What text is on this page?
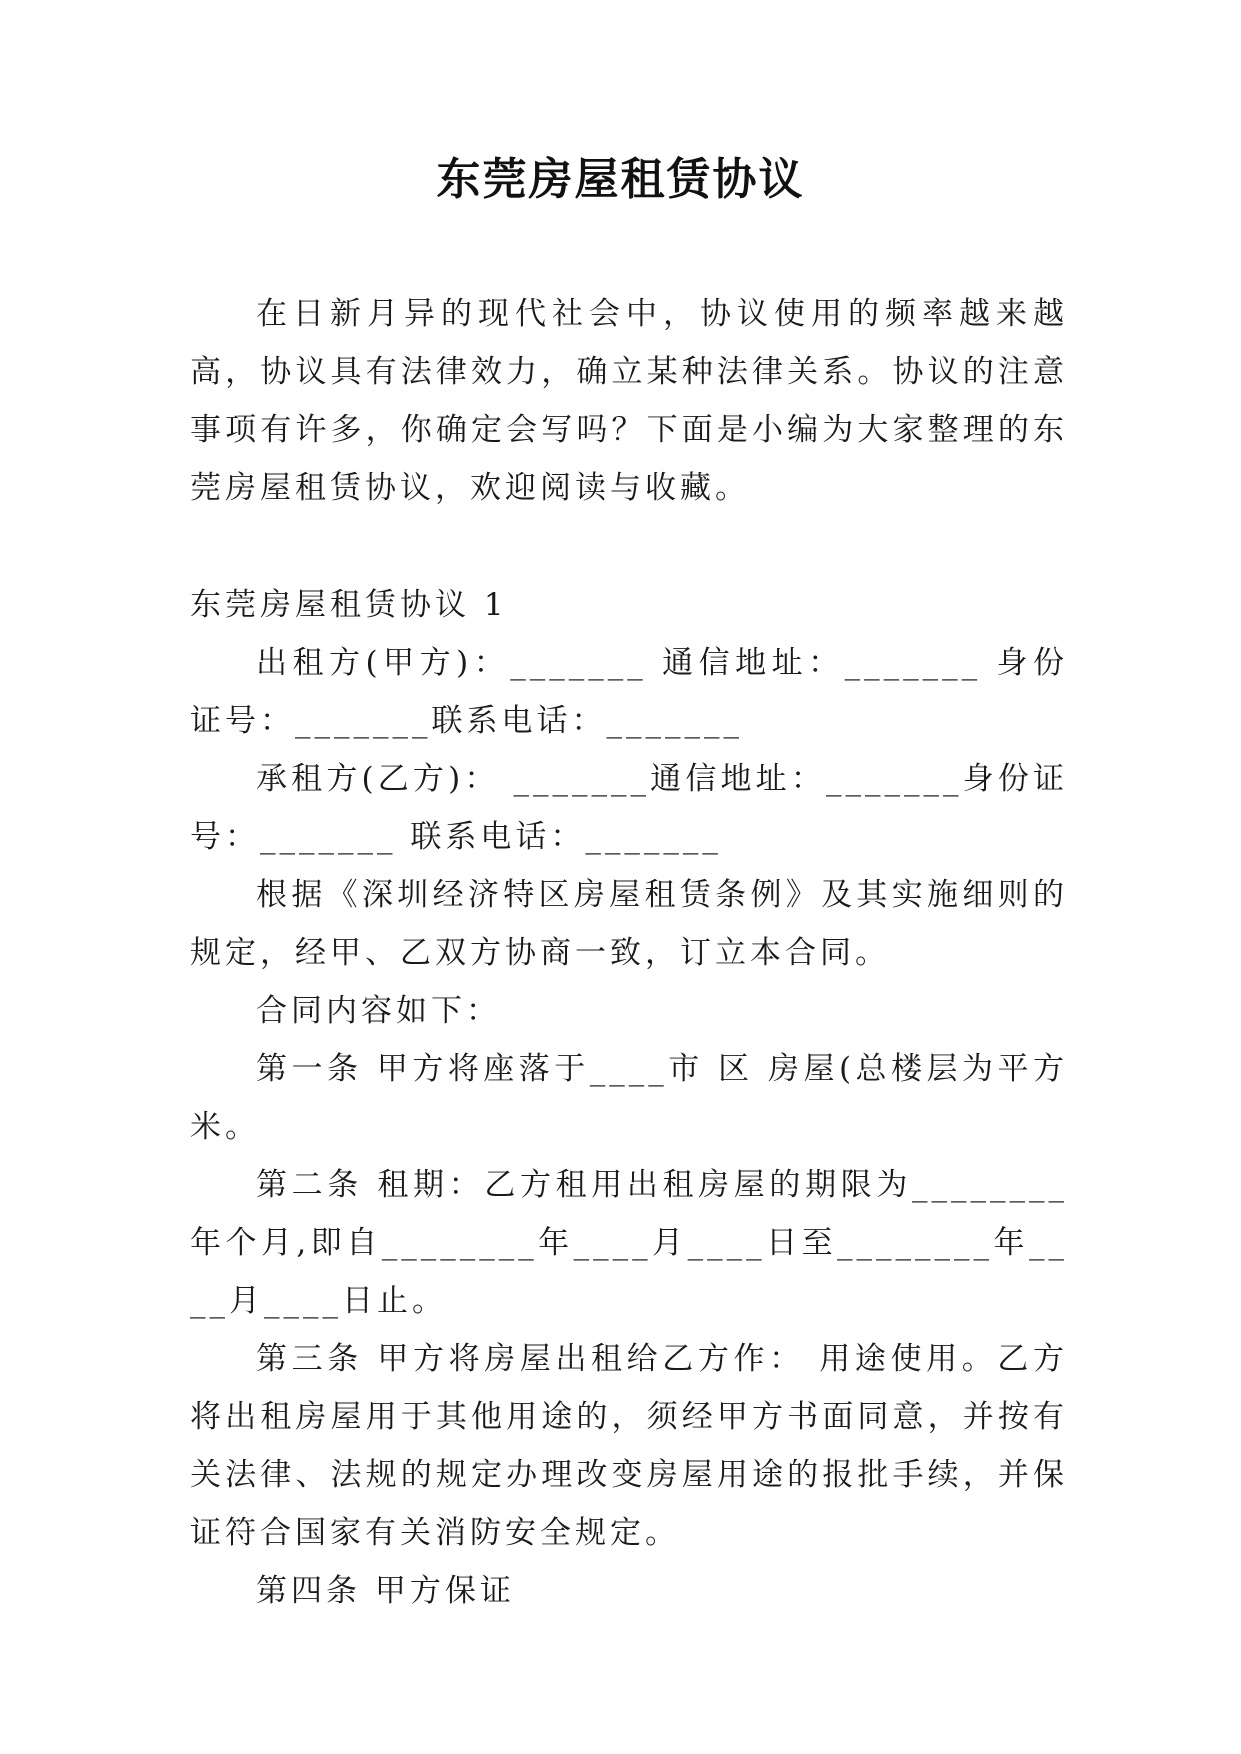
东莞房屋租赁协议

在日新月异的现代社会中，协议使用的频率越来越高，协议具有法律效力，确立某种法律关系。协议的注意事项有许多，你确定会写吗？下面是小编为大家整理的东莞房屋租赁协议，欢迎阅读与收藏。

东莞房屋租赁协议 1

出租方(甲方)：_______ 通信地址：_______ 身份证号：_______联系电话：_______

承租方(乙方)： _______通信地址：_______身份证号：_______ 联系电话：_______

根据《深圳经济特区房屋租赁条例》及其实施细则的规定，经甲、乙双方协商一致，订立本合同。

合同内容如下：

第一条 甲方将座落于____市 区 房屋(总楼层为平方米。

第二条 租期：乙方租用出租房屋的期限为________年个月,即自________年____月____日至________年____月____日止。

第三条 甲方将房屋出租给乙方作： 用途使用。乙方将出租房屋用于其他用途的，须经甲方书面同意，并按有关法律、法规的规定办理改变房屋用途的报批手续，并保证符合国家有关消防安全规定。

第四条 甲方保证
